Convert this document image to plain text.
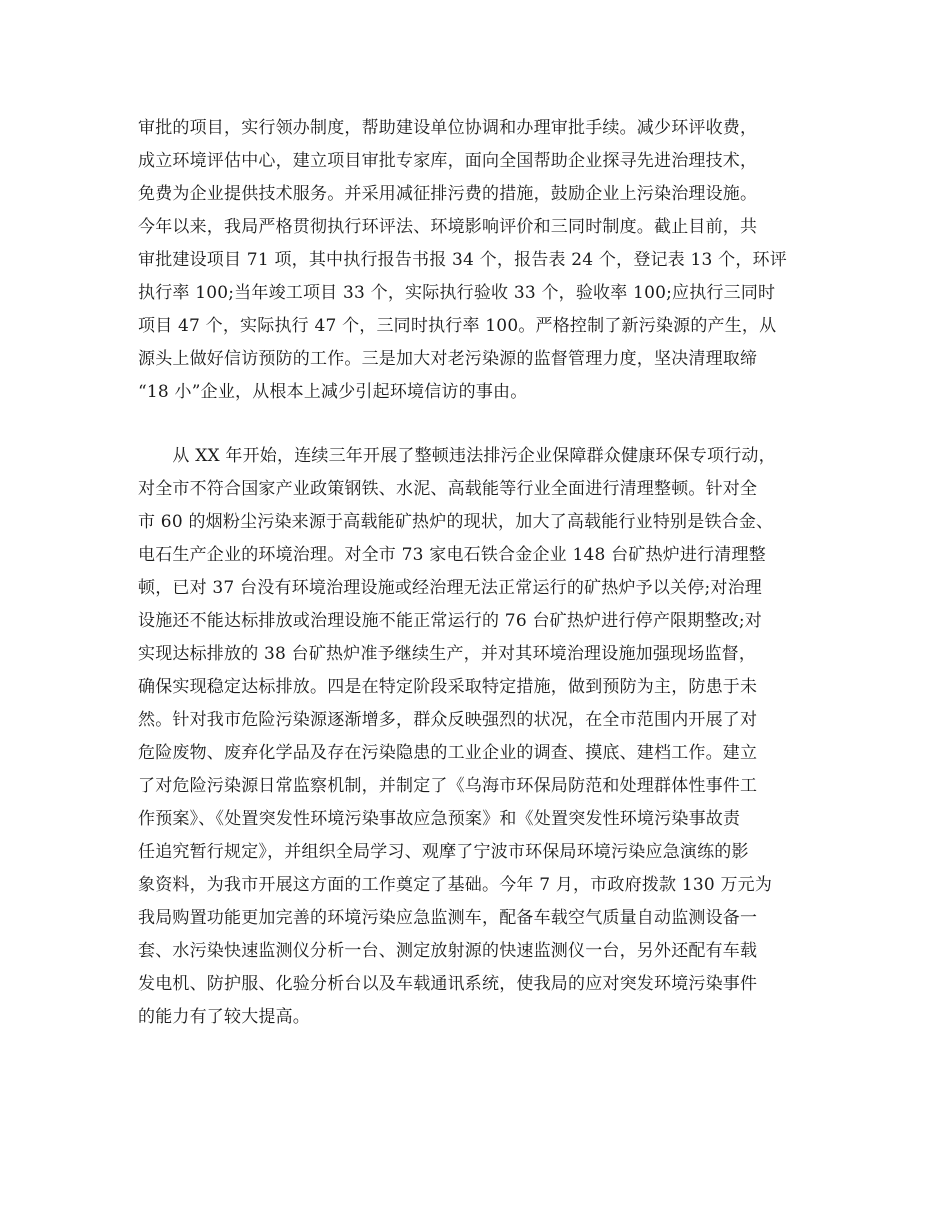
审批的项目，实行领办制度，帮助建设单位协调和办理审批手续。减少环评收费，
成立环境评估中心，建立项目审批专家库，面向全国帮助企业探寻先进治理技术，
免费为企业提供技术服务。并采用减征排污费的措施，鼓励企业上污染治理设施。
今年以来，我局严格贯彻执行环评法、环境影响评价和三同时制度。截止目前，共
审批建设项目 71 项，其中执行报告书报 34 个，报告表 24 个，登记表 13 个，环评
执行率 100;当年竣工项目 33 个，实际执行验收 33 个，验收率 100;应执行三同时
项目 47 个，实际执行 47 个，三同时执行率 100。严格控制了新污染源的产生，从
源头上做好信访预防的工作。三是加大对老污染源的监督管理力度，坚决清理取缔
“18 小”企业，从根本上减少引起环境信访的事由。
　　从 XX 年开始，连续三年开展了整顿违法排污企业保障群众健康环保专项行动，
对全市不符合国家产业政策钢铁、水泥、高载能等行业全面进行清理整顿。针对全
市 60 的烟粉尘污染来源于高载能矿热炉的现状，加大了高载能行业特别是铁合金、
电石生产企业的环境治理。对全市 73 家电石铁合金企业 148 台矿热炉进行清理整
顿，已对 37 台没有环境治理设施或经治理无法正常运行的矿热炉予以关停;对治理
设施还不能达标排放或治理设施不能正常运行的 76 台矿热炉进行停产限期整改;对
实现达标排放的 38 台矿热炉准予继续生产，并对其环境治理设施加强现场监督，
确保实现稳定达标排放。四是在特定阶段采取特定措施，做到预防为主，防患于未
然。针对我市危险污染源逐渐增多，群众反映强烈的状况，在全市范围内开展了对
危险废物、废弃化学品及存在污染隐患的工业企业的调查、摸底、建档工作。建立
了对危险污染源日常监察机制，并制定了《乌海市环保局防范和处理群体性事件工
作预案》、《处置突发性环境污染事故应急预案》和《处置突发性环境污染事故责
任追究暂行规定》，并组织全局学习、观摩了宁波市环保局环境污染应急演练的影
象资料，为我市开展这方面的工作奠定了基础。今年 7 月，市政府拨款 130 万元为
我局购置功能更加完善的环境污染应急监测车，配备车载空气质量自动监测设备一
套、水污染快速监测仪分析一台、测定放射源的快速监测仪一台，另外还配有车载
发电机、防护服、化验分析台以及车载通讯系统，使我局的应对突发环境污染事件
的能力有了较大提高。
